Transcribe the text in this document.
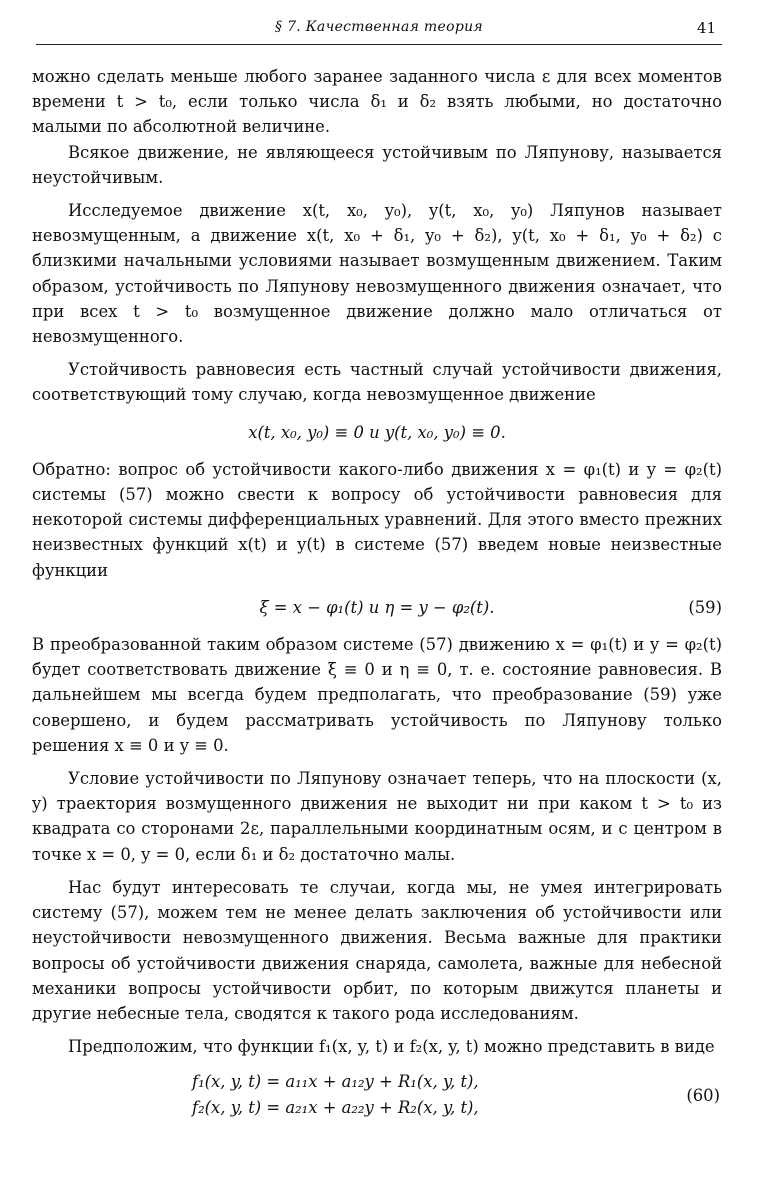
§ 7. Качественная теория	41

можно сделать меньше любого заранее заданного числа ε для всех моментов времени t > t₀, если только числа δ₁ и δ₂ взять любыми, но достаточно малыми по абсолютной величине.

Всякое движение, не являющееся устойчивым по Ляпунову, называется неустойчивым.

Исследуемое движение x(t, x₀, y₀), y(t, x₀, y₀) Ляпунов называет невозмущенным, а движение x(t, x₀ + δ₁, y₀ + δ₂), y(t, x₀ + δ₁, y₀ + δ₂) с близкими начальными условиями называет возмущенным движением. Таким образом, устойчивость по Ляпунову невозмущенного движения означает, что при всех t > t₀ возмущенное движение должно мало отличаться от невозмущенного.

Устойчивость равновесия есть частный случай устойчивости движения, соответствующий тому случаю, когда невозмущенное движение

x(t, x₀, y₀) ≡ 0 и y(t, x₀, y₀) ≡ 0.

Обратно: вопрос об устойчивости какого-либо движения x = φ₁(t) и y = φ₂(t) системы (57) можно свести к вопросу об устойчивости равновесия для некоторой системы дифференциальных уравнений. Для этого вместо прежних неизвестных функций x(t) и y(t) в системе (57) введем новые неизвестные функции

ξ = x − φ₁(t) и η = y − φ₂(t).	(59)

В преобразованной таким образом системе (57) движению x = φ₁(t) и y = φ₂(t) будет соответствовать движение ξ ≡ 0 и η ≡ 0, т. е. состояние равновесия. В дальнейшем мы всегда будем предполагать, что преобразование (59) уже совершено, и будем рассматривать устойчивость по Ляпунову только решения x ≡ 0 и y ≡ 0.

Условие устойчивости по Ляпунову означает теперь, что на плоскости (x, y) траектория возмущенного движения не выходит ни при каком t > t₀ из квадрата со сторонами 2ε, параллельными координатным осям, и с центром в точке x = 0, y = 0, если δ₁ и δ₂ достаточно малы.

Нас будут интересовать те случаи, когда мы, не умея интегрировать систему (57), можем тем не менее делать заключения об устойчивости или неустойчивости невозмущенного движения. Весьма важные для практики вопросы об устойчивости движения снаряда, самолета, важные для небесной механики вопросы устойчивости орбит, по которым движутся планеты и другие небесные тела, сводятся к такого рода исследованиям.

Предположим, что функции f₁(x, y, t) и f₂(x, y, t) можно представить в виде

f₁(x, y, t) = a₁₁x + a₁₂y + R₁(x, y, t),
f₂(x, y, t) = a₂₁x + a₂₂y + R₂(x, y, t),
(60)
